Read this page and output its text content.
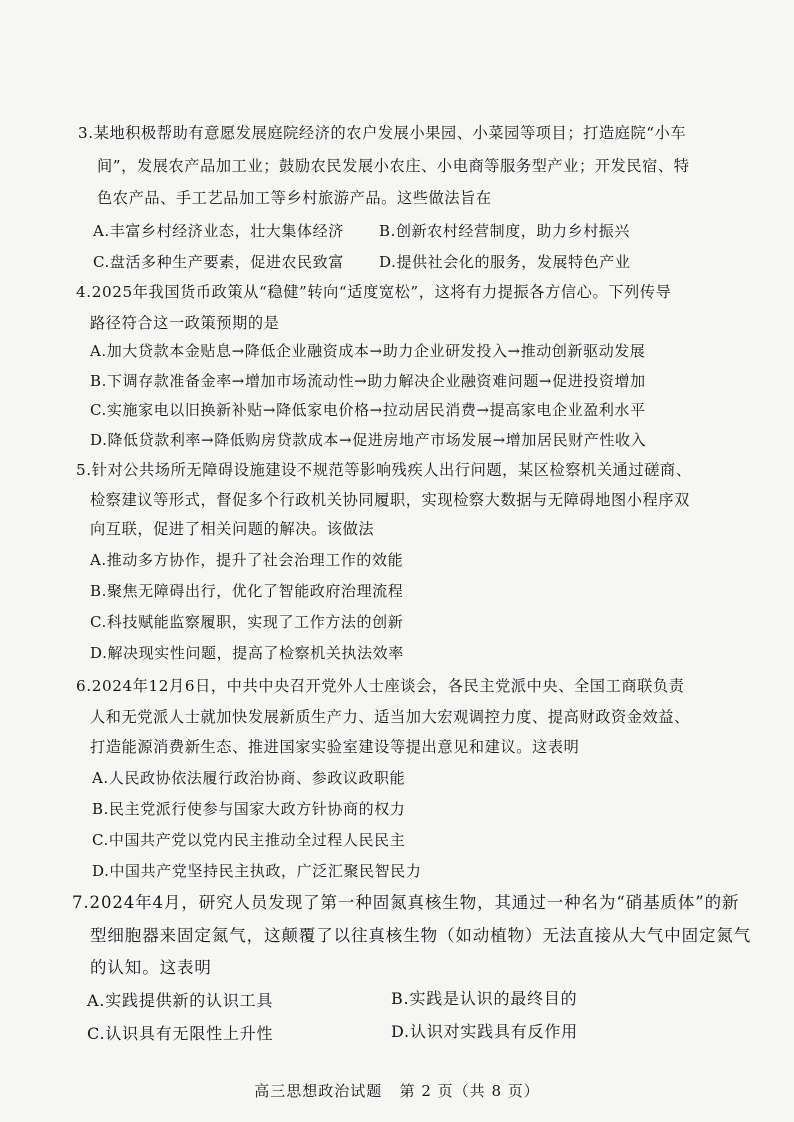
3.某地积极帮助有意愿发展庭院经济的农户发展小果园、小菜园等项目；打造庭院“小车
间”，发展农产品加工业；鼓励农民发展小农庄、小电商等服务型产业；开发民宿、特
色农产品、手工艺品加工等乡村旅游产品。这些做法旨在
A.丰富乡村经济业态，壮大集体经济 B.创新农村经营制度，助力乡村振兴
C.盘活多种生产要素，促进农民致富 D.提供社会化的服务，发展特色产业
4.2025年我国货币政策从“稳健”转向“适度宽松”，这将有力提振各方信心。下列传导
路径符合这一政策预期的是
A.加大贷款本金贴息→降低企业融资成本→助力企业研发投入→推动创新驱动发展
B.下调存款准备金率→增加市场流动性→助力解决企业融资难问题→促进投资增加
C.实施家电以旧换新补贴→降低家电价格→拉动居民消费→提高家电企业盈利水平
D.降低贷款利率→降低购房贷款成本→促进房地产市场发展→增加居民财产性收入
5.针对公共场所无障碍设施建设不规范等影响残疾人出行问题，某区检察机关通过磋商、
检察建议等形式，督促多个行政机关协同履职，实现检察大数据与无障碍地图小程序双
向互联，促进了相关问题的解决。该做法
A.推动多方协作，提升了社会治理工作的效能
B.聚焦无障碍出行，优化了智能政府治理流程
C.科技赋能监察履职，实现了工作方法的创新
D.解决现实性问题，提高了检察机关执法效率
6.2024年12月6日，中共中央召开党外人士座谈会，各民主党派中央、全国工商联负责
人和无党派人士就加快发展新质生产力、适当加大宏观调控力度、提高财政资金效益、
打造能源消费新生态、推进国家实验室建设等提出意见和建议。这表明
A.人民政协依法履行政治协商、参政议政职能
B.民主党派行使参与国家大政方针协商的权力
C.中国共产党以党内民主推动全过程人民民主
D.中国共产党坚持民主执政，广泛汇聚民智民力
7.2024年4月，研究人员发现了第一种固氮真核生物，其通过一种名为“硝基质体”的新
型细胞器来固定氮气，这颠覆了以往真核生物（如动植物）无法直接从大气中固定氮气
的认知。这表明
A.实践提供新的认识工具	B.实践是认识的最终目的
C.认识具有无限性上升性	D.认识对实践具有反作用
高三思想政治试题 第 2 页（共 8 页）
